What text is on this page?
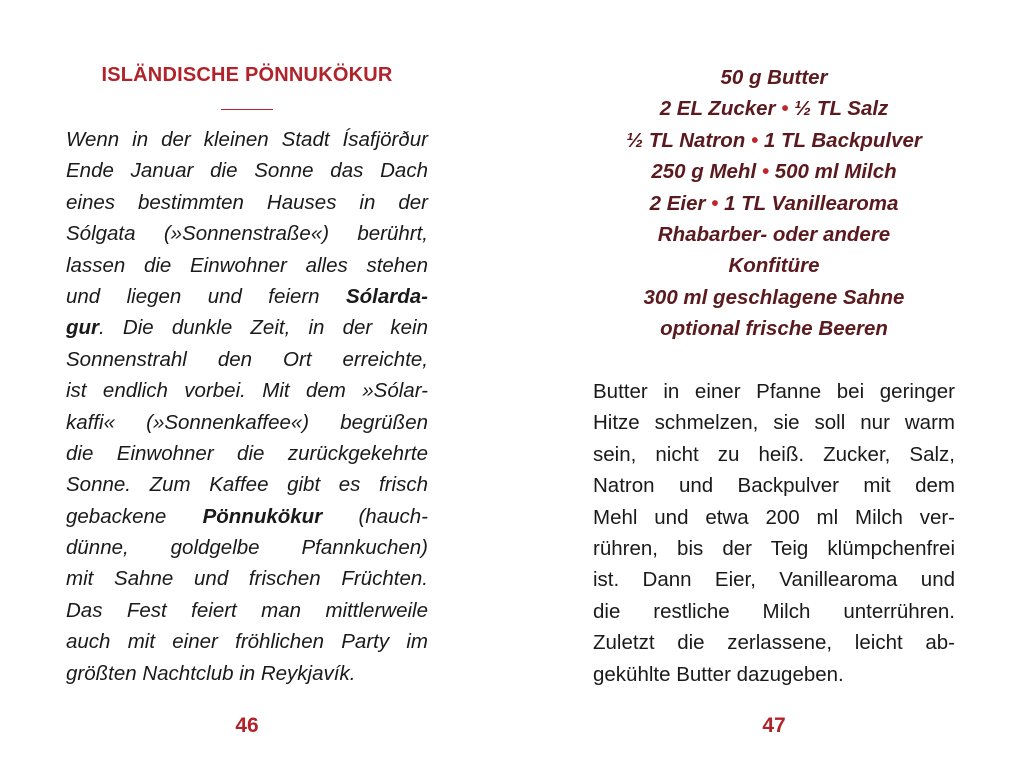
ISLÄNDISCHE PÖNNUKÖKUR
Wenn in der kleinen Stadt Ísafjörður
Ende Januar die Sonne das Dach
eines bestimmten Hauses in der
Sólgata (»Sonnenstraße«) berührt,
lassen die Einwohner alles stehen
und liegen und feiern Sólarda-
gur. Die dunkle Zeit, in der kein
Sonnenstrahl den Ort erreichte,
ist endlich vorbei. Mit dem »Sólar-
kaffi« (»Sonnenkaffee«) begrüßen
die Einwohner die zurückgekehrte
Sonne. Zum Kaffee gibt es frisch
gebackene Pönnukökur (hauch-
dünne, goldgelbe Pfannkuchen)
mit Sahne und frischen Früchten.
Das Fest feiert man mittlerweile
auch mit einer fröhlichen Party im
größten Nachtclub in Reykjavík.
46
50 g Butter
2 EL Zucker • ½ TL Salz
½ TL Natron • 1 TL Backpulver
250 g Mehl • 500 ml Milch
2 Eier • 1 TL Vanillearoma
Rhabarber- oder andere
Konfitüre
300 ml geschlagene Sahne
optional frische Beeren
Butter in einer Pfanne bei geringer
Hitze schmelzen, sie soll nur warm
sein, nicht zu heiß. Zucker, Salz,
Natron und Backpulver mit dem
Mehl und etwa 200 ml Milch ver-
rühren, bis der Teig klümpchenfrei
ist. Dann Eier, Vanillearoma und
die restliche Milch unterrühren.
Zuletzt die zerlassene, leicht ab-
gekühlte Butter dazugeben.
47
